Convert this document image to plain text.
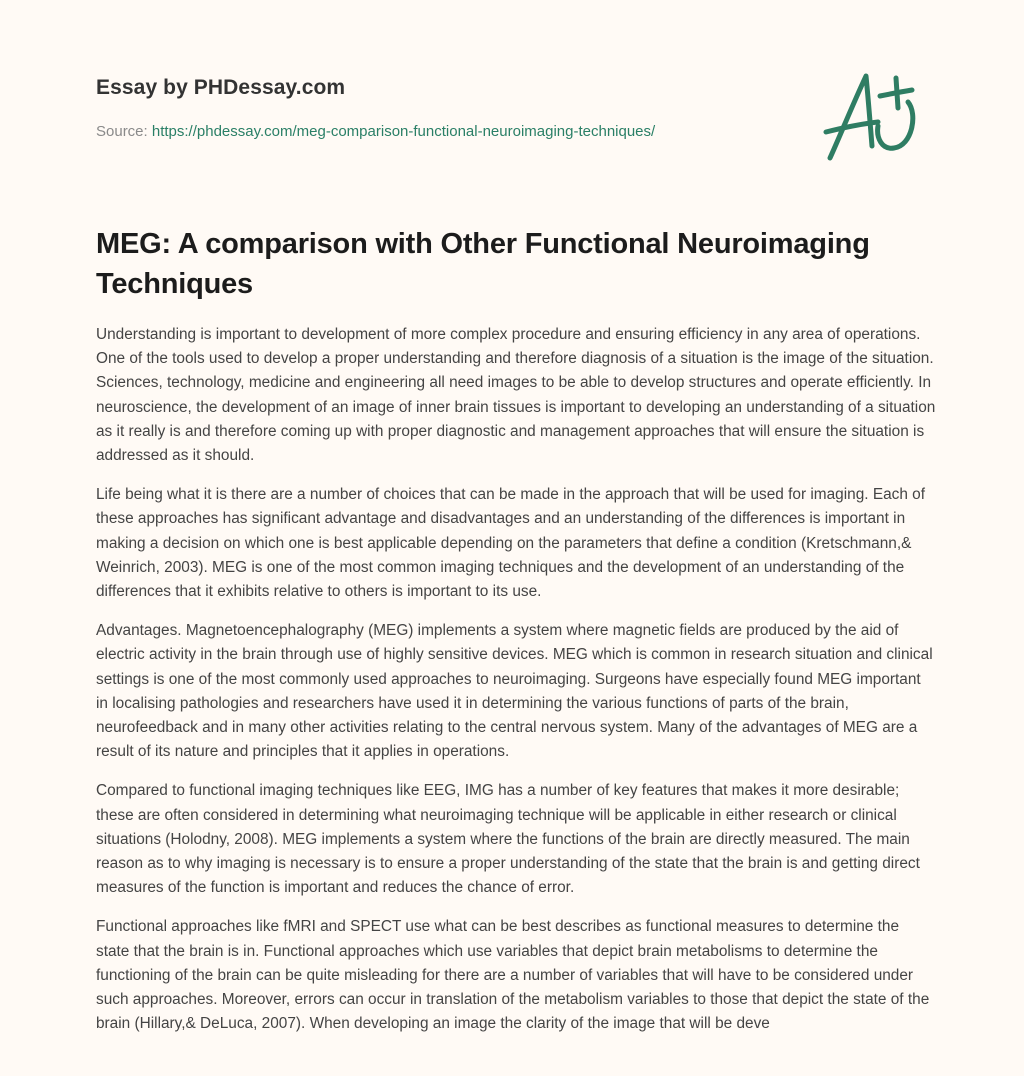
Essay by PHDessay.com
Source: https://phdessay.com/meg-comparison-functional-neuroimaging-techniques/
MEG: A comparison with Other Functional Neuroimaging Techniques

Understanding is important to development of more complex procedure and ensuring efficiency in any area of operations. One of the tools used to develop a proper understanding and therefore diagnosis of a situation is the image of the situation. Sciences, technology, medicine and engineering all need images to be able to develop structures and operate efficiently. In neuroscience, the development of an image of inner brain tissues is important to developing an understanding of a situation as it really is and therefore coming up with proper diagnostic and management approaches that will ensure the situation is addressed as it should.

Life being what it is there are a number of choices that can be made in the approach that will be used for imaging. Each of these approaches has significant advantage and disadvantages and an understanding of the differences is important in making a decision on which one is best applicable depending on the parameters that define a condition (Kretschmann,& Weinrich, 2003). MEG is one of the most common imaging techniques and the development of an understanding of the differences that it exhibits relative to others is important to its use.

Advantages. Magnetoencephalography (MEG) implements a system where magnetic fields are produced by the aid of electric activity in the brain through use of highly sensitive devices. MEG which is common in research situation and clinical settings is one of the most commonly used approaches to neuroimaging. Surgeons have especially found MEG important in localising pathologies and researchers have used it in determining the various functions of parts of the brain, neurofeedback and in many other activities relating to the central nervous system. Many of the advantages of MEG are a result of its nature and principles that it applies in operations.

Compared to functional imaging techniques like EEG, IMG has a number of key features that makes it more desirable; these are often considered in determining what neuroimaging technique will be applicable in either research or clinical situations (Holodny, 2008). MEG implements a system where the functions of the brain are directly measured. The main reason as to why imaging is necessary is to ensure a proper understanding of the state that the brain is and getting direct measures of the function is important and reduces the chance of error.

Functional approaches like fMRI and SPECT use what can be best describes as functional measures to determine the state that the brain is in. Functional approaches which use variables that depict brain metabolisms to determine the functioning of the brain can be quite misleading for there are a number of variables that will have to be considered under such approaches. Moreover, errors can occur in translation of the metabolism variables to those that depict the state of the brain (Hillary,& DeLuca, 2007). When developing an image the clarity of the image that will be deve
